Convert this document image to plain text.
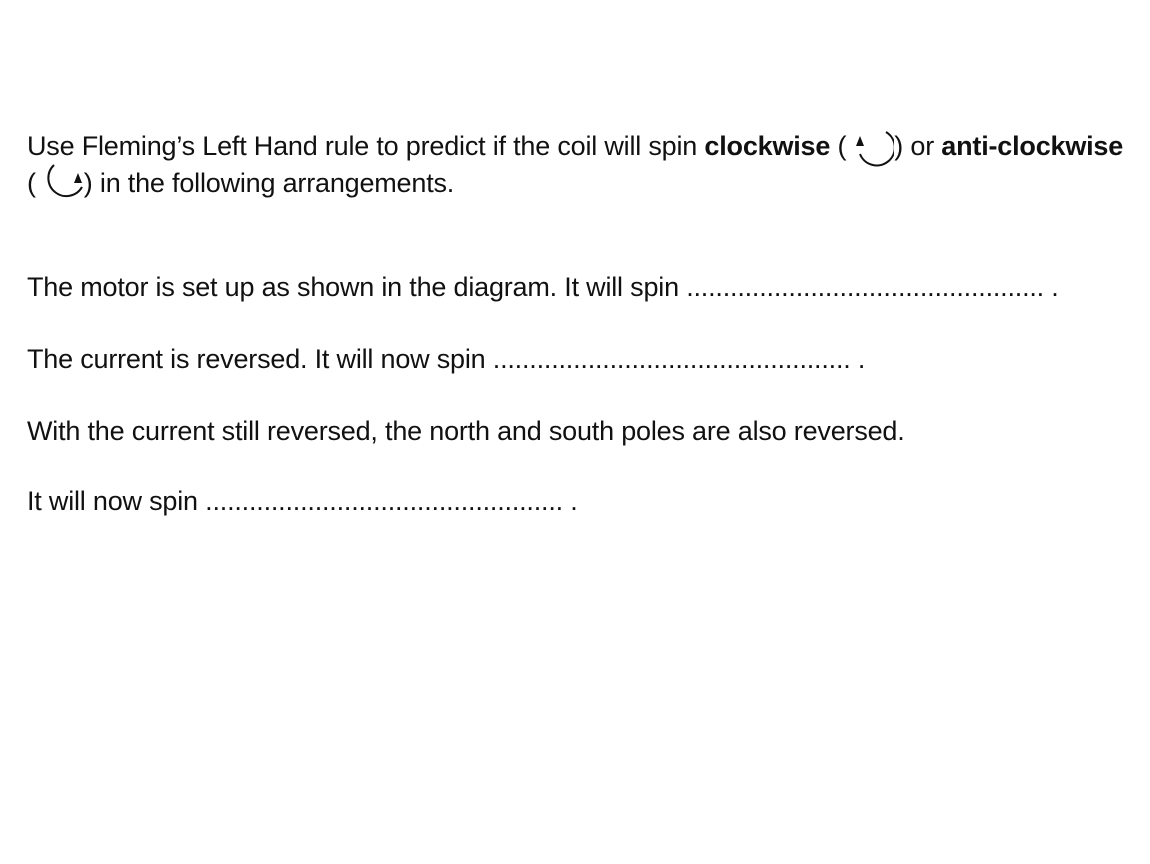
Use Fleming’s Left Hand rule to predict if the coil will spin clockwise ( ) or anti-clockwise
( ) in the following arrangements.
The motor is set up as shown in the diagram. It will spin ................................................. .
The current is reversed. It will now spin ................................................. .
With the current still reversed, the north and south poles are also reversed.
It will now spin ................................................. .
